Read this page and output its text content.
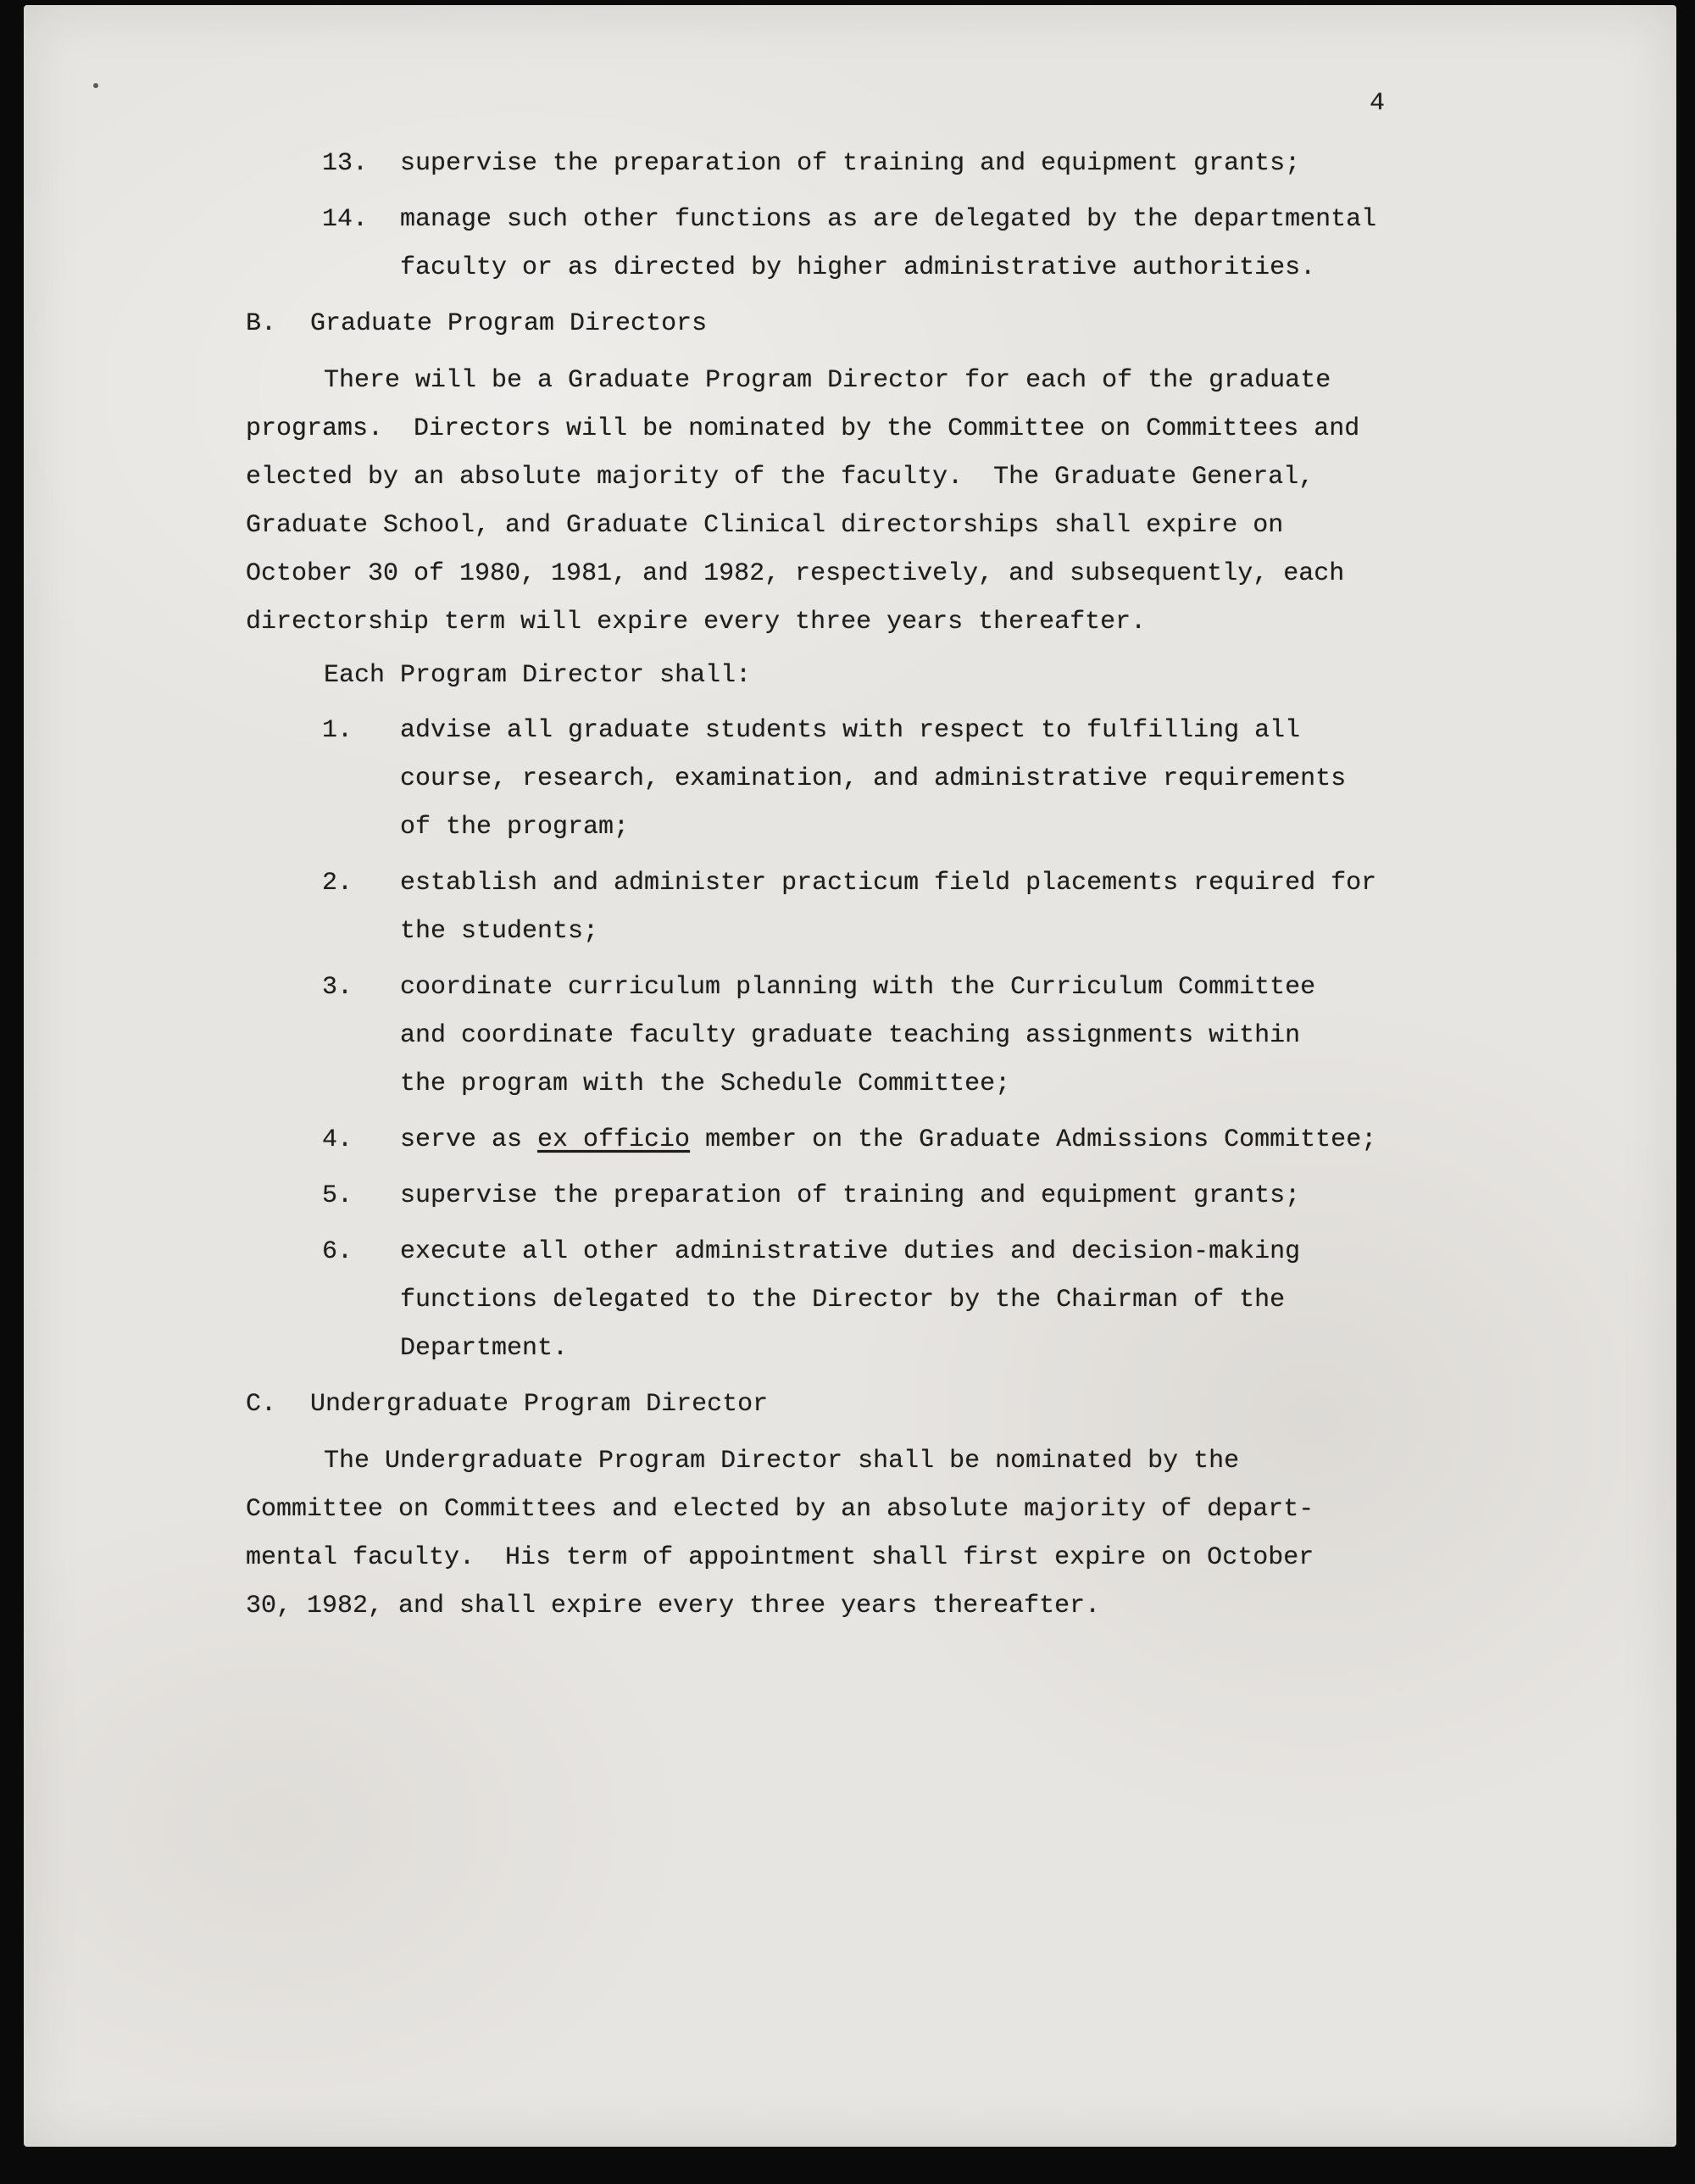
4
13.	supervise the preparation of training and equipment grants;
14.	manage such other functions as are delegated by the departmental
faculty or as directed by higher administrative authorities.
B.	Graduate Program Directors
There will be a Graduate Program Director for each of the graduate
programs.  Directors will be nominated by the Committee on Committees and
elected by an absolute majority of the faculty.  The Graduate General,
Graduate School, and Graduate Clinical directorships shall expire on
October 30 of 1980, 1981, and 1982, respectively, and subsequently, each
directorship term will expire every three years thereafter.
Each Program Director shall:
1.	advise all graduate students with respect to fulfilling all
course, research, examination, and administrative requirements
of the program;
2.	establish and administer practicum field placements required for
the students;
3.	coordinate curriculum planning with the Curriculum Committee
and coordinate faculty graduate teaching assignments within
the program with the Schedule Committee;
4.	serve as ex officio member on the Graduate Admissions Committee;
5.	supervise the preparation of training and equipment grants;
6.	execute all other administrative duties and decision-making
functions delegated to the Director by the Chairman of the
Department.
C.	Undergraduate Program Director
The Undergraduate Program Director shall be nominated by the
Committee on Committees and elected by an absolute majority of depart-
mental faculty.  His term of appointment shall first expire on October
30, 1982, and shall expire every three years thereafter.
